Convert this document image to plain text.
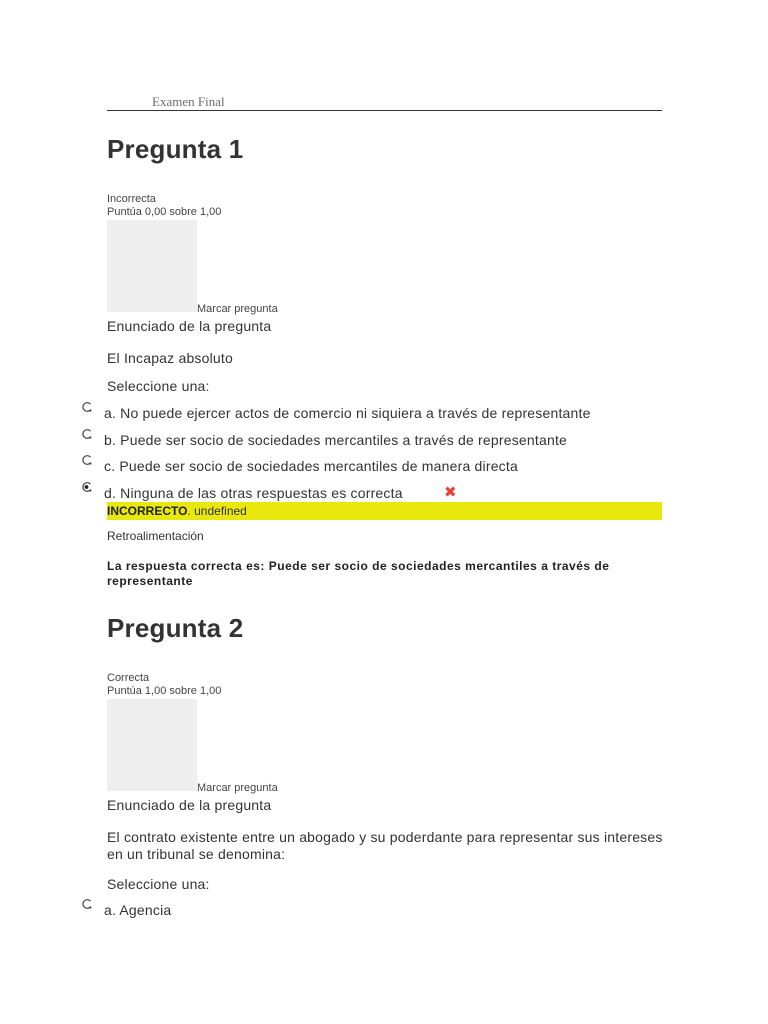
Examen Final
Pregunta 1
Incorrecta
Puntúa 0,00 sobre 1,00
Marcar pregunta
Enunciado de la pregunta
El Incapaz absoluto
Seleccione una:
a. No puede ejercer actos de comercio ni siquiera a través de representante
b. Puede ser socio de sociedades mercantiles a través de representante
c. Puede ser socio de sociedades mercantiles de manera directa
d. Ninguna de las otras respuestas es correcta	✖
INCORRECTO. undefined
Retroalimentación
La respuesta correcta es: Puede ser socio de sociedades mercantiles a través de representante
Pregunta 2
Correcta
Puntúa 1,00 sobre 1,00
Marcar pregunta
Enunciado de la pregunta
El contrato existente entre un abogado y su poderdante para representar sus intereses en un tribunal se denomina:
Seleccione una:
a. Agencia
